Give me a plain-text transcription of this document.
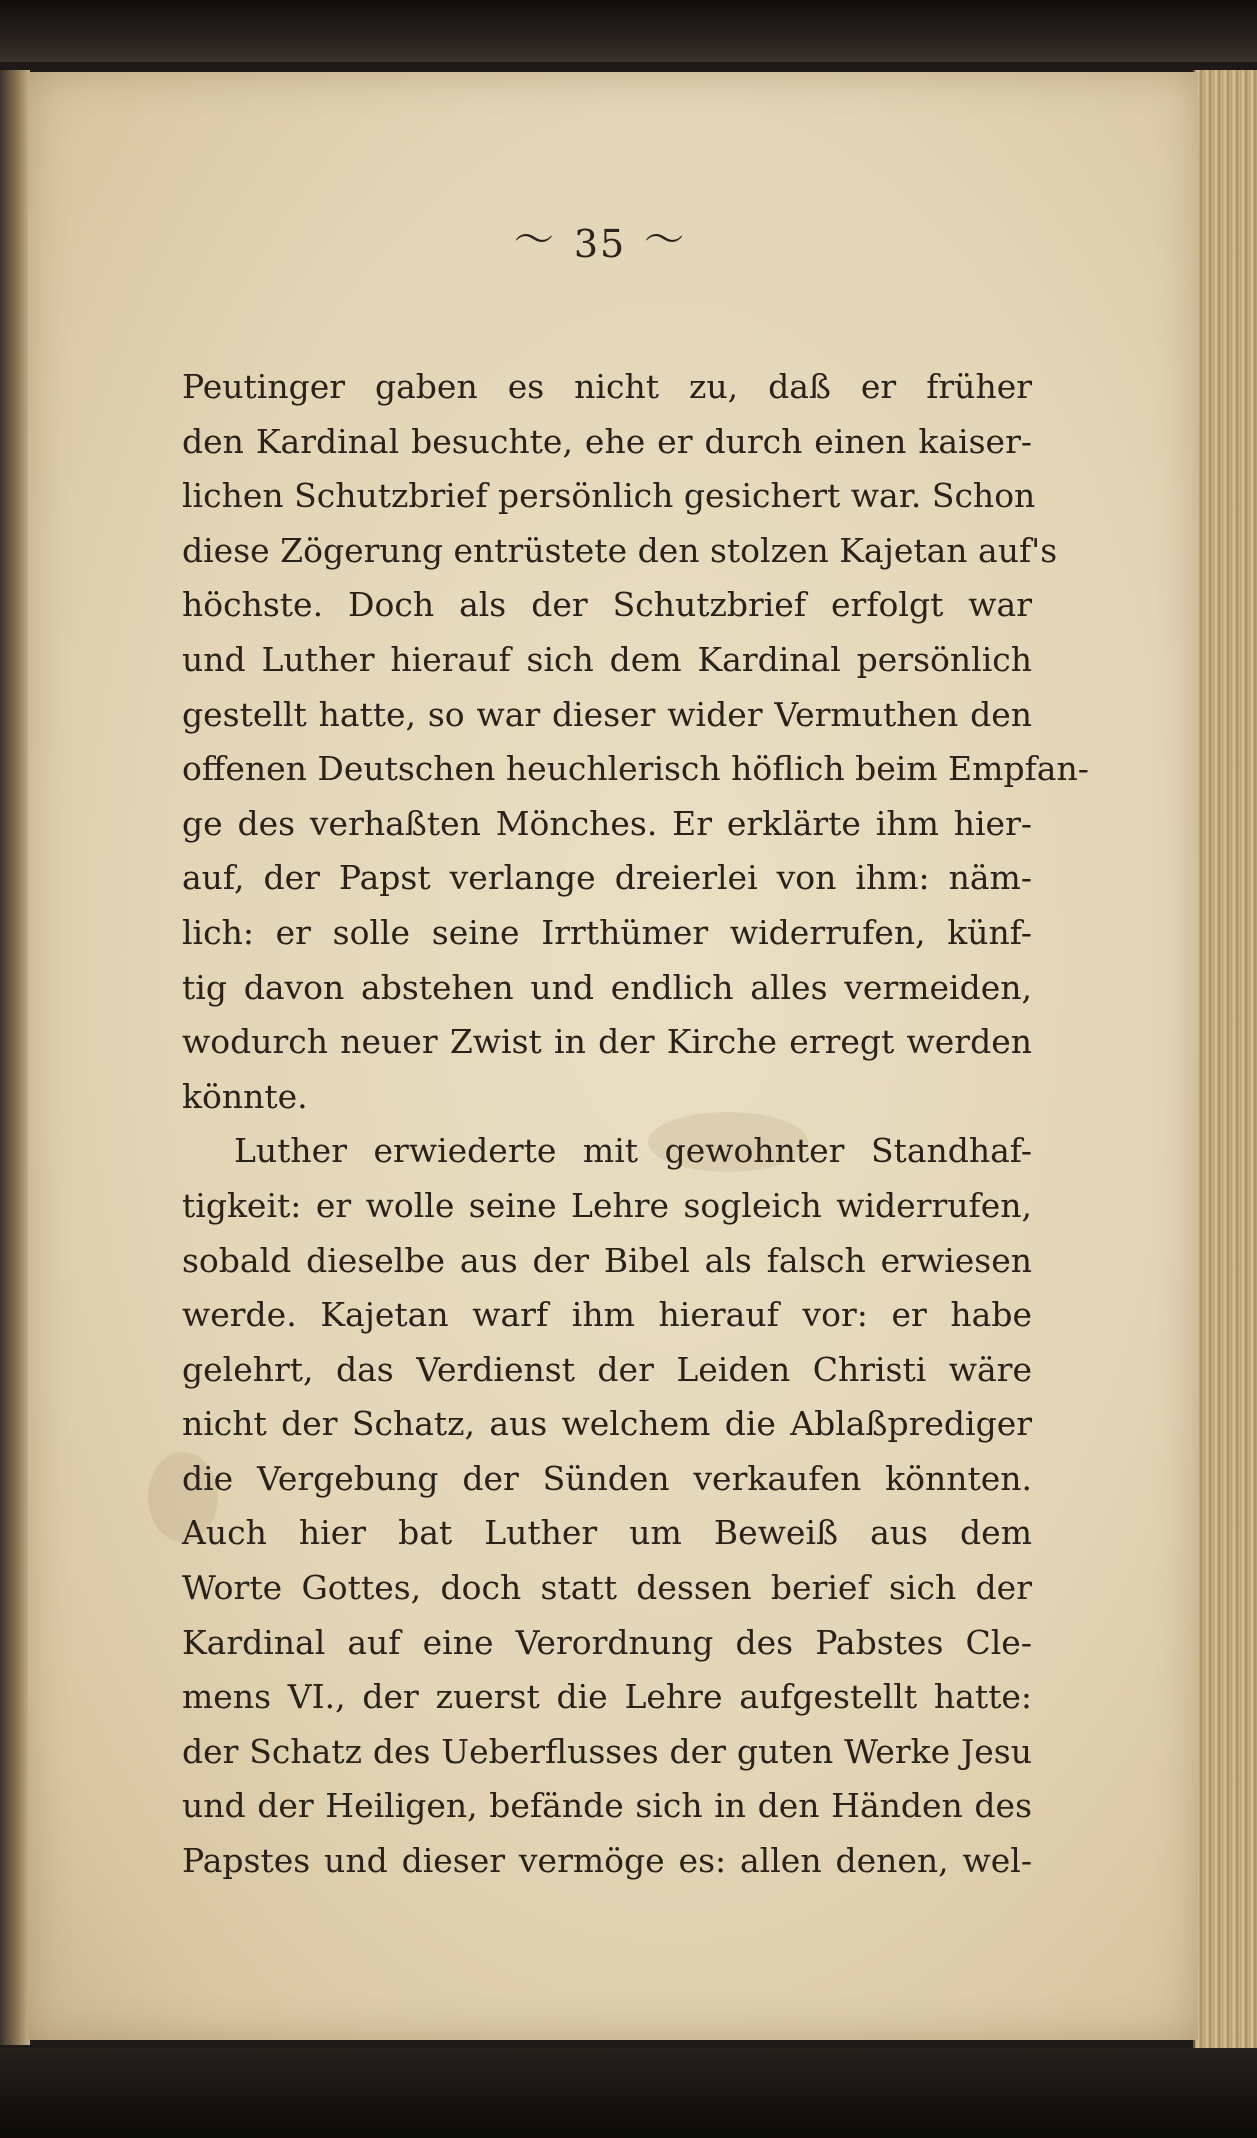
〜 35 〜
Peutinger gaben es nicht zu, daß er früher
den Kardinal besuchte, ehe er durch einen kaiser-
lichen Schutzbrief persönlich gesichert war. Schon
diese Zögerung entrüstete den stolzen Kajetan auf's
höchste. Doch als der Schutzbrief erfolgt war
und Luther hierauf sich dem Kardinal persönlich
gestellt hatte, so war dieser wider Vermuthen den
offenen Deutschen heuchlerisch höflich beim Empfan-
ge des verhaßten Mönches. Er erklärte ihm hier-
auf, der Papst verlange dreierlei von ihm: näm-
lich: er solle seine Irrthümer widerrufen, künf-
tig davon abstehen und endlich alles vermeiden,
wodurch neuer Zwist in der Kirche erregt werden
könnte.
Luther erwiederte mit gewohnter Standhaf-
tigkeit: er wolle seine Lehre sogleich widerrufen,
sobald dieselbe aus der Bibel als falsch erwiesen
werde. Kajetan warf ihm hierauf vor: er habe
gelehrt, das Verdienst der Leiden Christi wäre
nicht der Schatz, aus welchem die Ablaßprediger
die Vergebung der Sünden verkaufen könnten.
Auch hier bat Luther um Beweiß aus dem
Worte Gottes, doch statt dessen berief sich der
Kardinal auf eine Verordnung des Pabstes Cle-
mens VI., der zuerst die Lehre aufgestellt hatte:
der Schatz des Ueberflusses der guten Werke Jesu
und der Heiligen, befände sich in den Händen des
Papstes und dieser vermöge es: allen denen, wel-
